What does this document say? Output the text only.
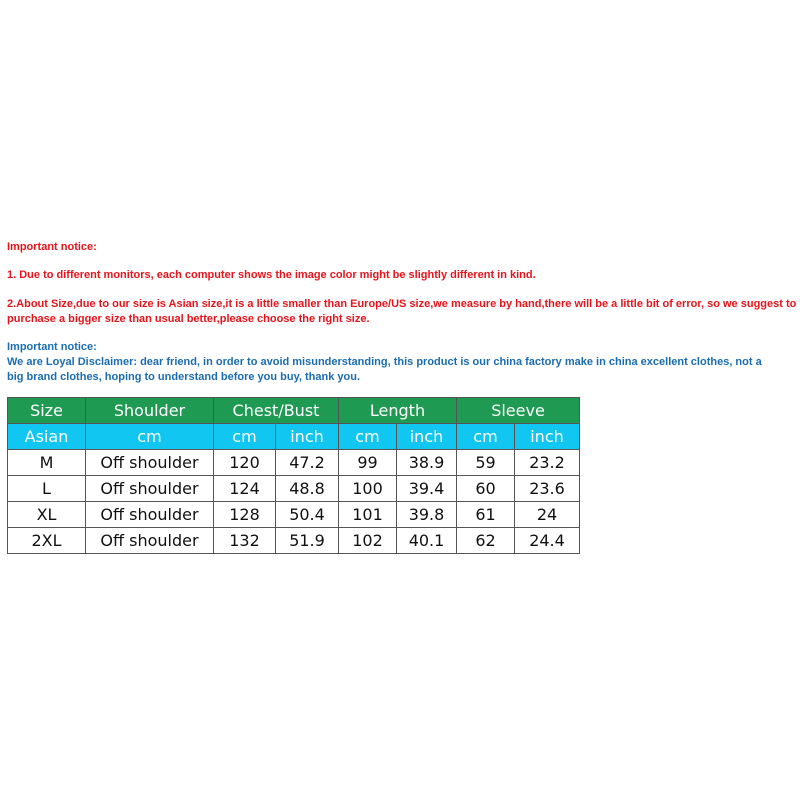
Important notice:
1. Due to different monitors, each computer shows the image color might be slightly different in kind.
2.About Size,due to our size is Asian size,it is a little smaller than Europe/US size,we measure by hand,there will be a little bit of error, so we suggest to purchase a bigger size than usual better,please choose the right size.
Important notice:
We are Loyal Disclaimer: dear friend, in order to avoid misunderstanding, this product is our china factory make in china excellent clothes, not a big brand clothes, hoping to understand before you buy, thank you.
Size	Shoulder	Chest/Bust		Length		Sleeve	
Asian	cm	cm	inch	cm	inch	cm	inch
M	Off shoulder	120	47.2	99	38.9	59	23.2
L	Off shoulder	124	48.8	100	39.4	60	23.6
XL	Off shoulder	128	50.4	101	39.8	61	24
2XL	Off shoulder	132	51.9	102	40.1	62	24.4
